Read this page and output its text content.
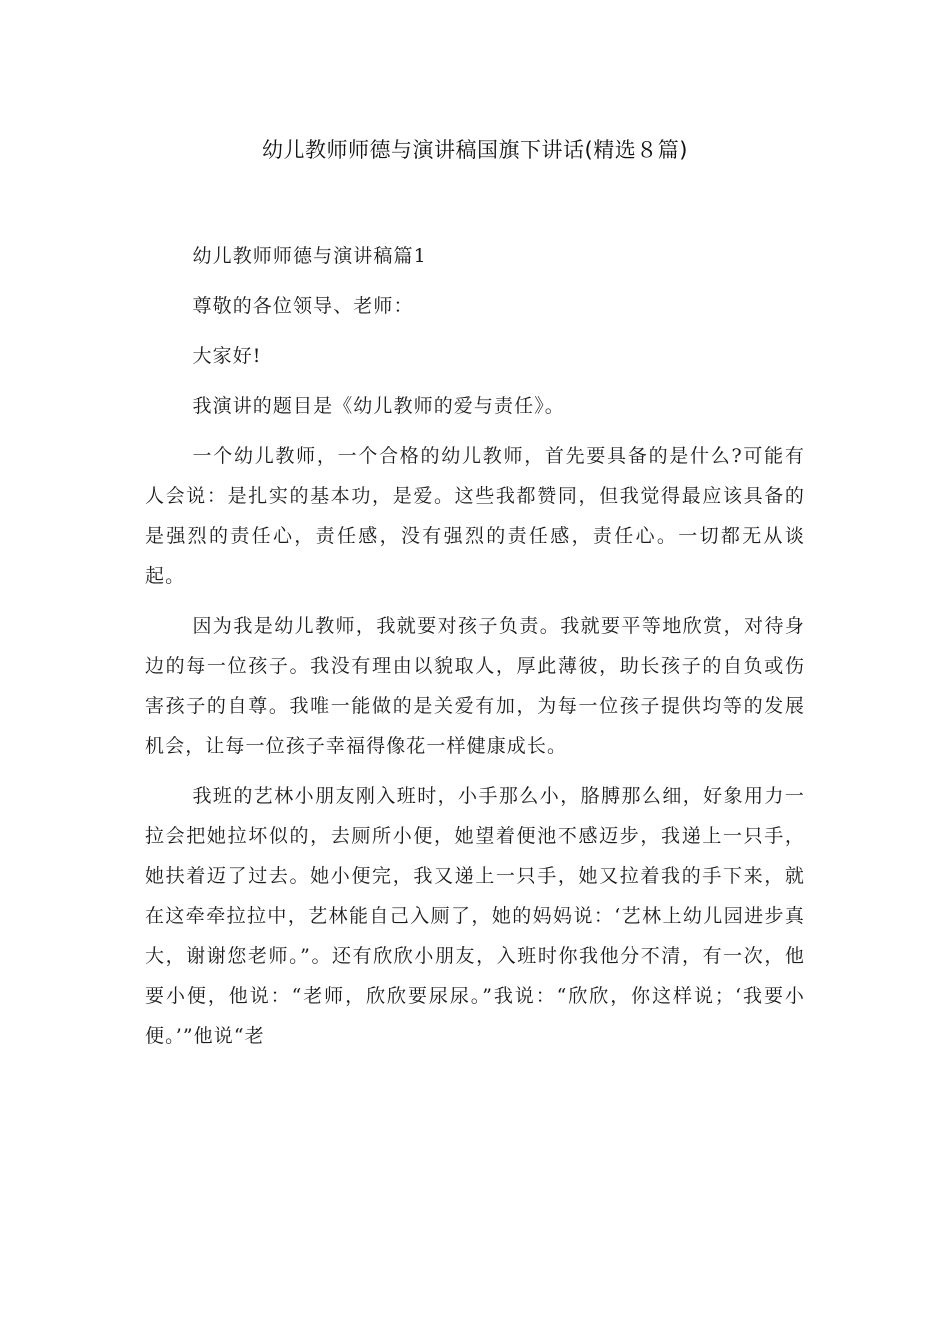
幼儿教师师德与演讲稿国旗下讲话(精选８篇)

幼儿教师师德与演讲稿篇1

尊敬的各位领导、老师：

大家好!

我演讲的题目是《幼儿教师的爱与责任》。

一个幼儿教师，一个合格的幼儿教师，首先要具备的是什么?可能有人会说：是扎实的基本功，是爱。这些我都赞同，但我觉得最应该具备的是强烈的责任心，责任感，没有强烈的责任感，责任心。一切都无从谈起。

因为我是幼儿教师，我就要对孩子负责。我就要平等地欣赏，对待身边的每一位孩子。我没有理由以貌取人，厚此薄彼，助长孩子的自负或伤害孩子的自尊。我唯一能做的是关爱有加，为每一位孩子提供均等的发展机会，让每一位孩子幸福得像花一样健康成长。

我班的艺林小朋友刚入班时，小手那么小，胳膊那么细，好象用力一拉会把她拉坏似的，去厕所小便，她望着便池不感迈步，我递上一只手，她扶着迈了过去。她小便完，我又递上一只手，她又拉着我的手下来，就在这牵牵拉拉中，艺林能自己入厕了，她的妈妈说：‘艺林上幼儿园进步真大，谢谢您老师。”。还有欣欣小朋友，入班时你我他分不清，有一次，他要小便，他说：“老师，欣欣要尿尿。”我说：“欣欣，你这样说；‘我要小便。’”他说“老
